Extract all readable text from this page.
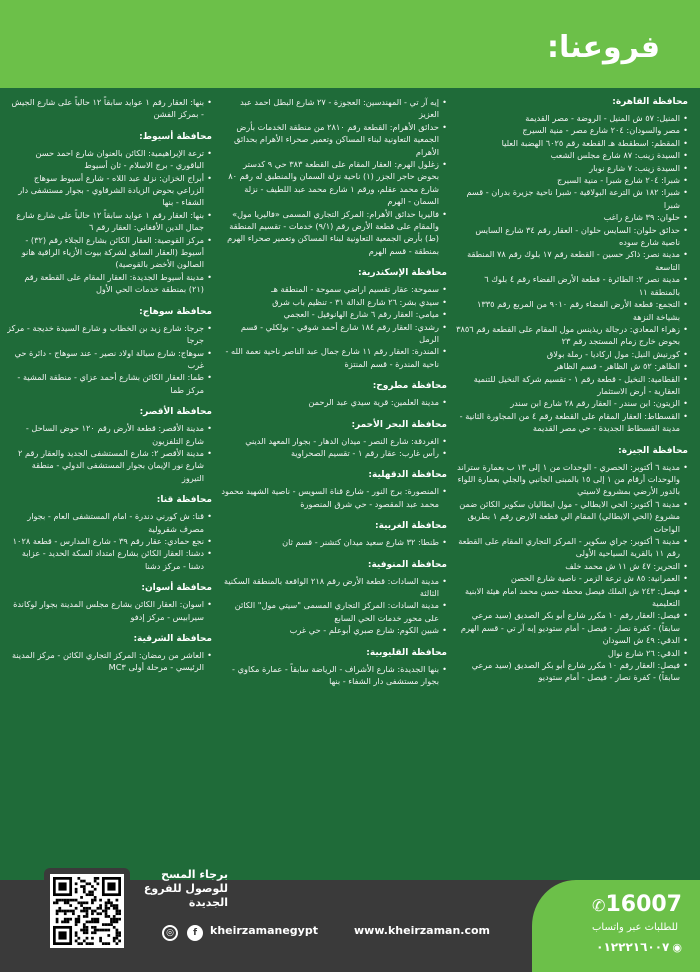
فروعنا:
محافظة القاهرة:
• المنيل: ٥٧ ش المنيل - الروضة - مصر القديمة
• مصر والسودان: ٢٠٤ شارع مصر - منية السيرج
• المقطم: اسطقطة هـ القطعة رقم ٦٠٢٥ الهضبة العليا
• السيدة زينب: ٨٧ شارع مجلس الشعب
• السيدة زينب: ٧ شارع نوبار
• شبرا: ٢٠٤ شارع شبرا - منية السيرج
• شبرا: ١٨٢ ش الترعة البولاقية - شبرا ناحية جزيرة بدران - قسم شبرا
• حلوان: ٣٩ شارع راغب
• حدائق حلوان: السايس حلوان - العقار رقم ٣٤ شارع السايس ناصية شارع سوده
• مدينة نصر: ذاكر حسين - القطعة رقم ١٧ بلوك رقم ٧٨ المنطقة التاسعة
• مدينة نصر ٢: الطائرة - قطعة الأرض الفضاء رقم ٤ بلوك ٦ بالمنطقة ١١
• التجمع: قطعة الأرض الفضاء رقم ٩٠١٠ من المربع رقم ١٣٣٥ بشياخة النزهة
• زهراء المعادي: درجالة ريذينس مول المقام على القطعة رقم ٣٨٥٦ بحوض خارج زمام المستجد رقم ٢٣
• كورنيش النيل: مول اركاديا - رملة بولاق
• الظاهر: ٥٢ ش الظاهر - قسم الظاهر
• القطامية: النخيل - قطعة رقم ١ - تقسيم شركة النخيل للتنمية العقارية - أرض الاستثمار
• الزيتون: ابن سندر - العقار رقم ٢٨ شارع ابن سندر
• القسطاط: العقار المقام على القطعة رقم ٤ من المجاورة الثانية - مدينة القسطاط الجديدة - حي مصر القديمة
محافظة الجيزة:
• مدينة ٦ أكتوبر: الحصري - الوحدات من ١ إلى ١٣ ب بعمارة ستراند والوحدات أرقام من ١ إلى ١٥ بالمبنى الجانبي والجلي بعمارة اللواء بالدور الأرضي بمشروع لاسيتي
• مدينة ٦ أكتوبر: الحي الايطالي - مول ايطاليان سكوير الكائن ضمن مشروع (الحي الايطالي) المقام الي قطعة الارض رقم ١ بطريق الواحات
• مدينة ٦ أكتوبر: جراي سكوير - المركز التجاري المقام على القطعة رقم ١١ بالقرية السياحية الأولى
• التحرير: ٤٧ ش ١١ ش محمد خلف
• العمرانية: ٨٥ ش ترعة الزمر - ناصية شارع الحصن
• فيصل: ٢٤٣ ش الملك فيصل محطة حسن محمد امام هيئة الابنية التعليمية
• فيصل: العقار رقم ١٠ مكرر شارع أبو بكر الصديق (سيد مرعي سابقاً) - كفرة نصار - فيصل - أمام ستوديو إبه آر تي - قسم الهرم
• الدقي: ٤٩ ش السودان
• الدقي: ٢٦ شارع نوال
• فيصل: العقار رقم ١٠ مكرر شارع أبو بكر الصديق (سيد مرعي سابقاً) - كفرة نصار - فيصل - أمام ستوديو
• إيه آر تي - المهندسين: العجوزة - ٢٧ شارع البطل احمد عبد العزيز
• حدائق الأهرام: القطعة رقم ٢٨١٠ من منطقة الخدمات بأرض الجمعية التعاونية لبناء المساكن وتعمير صحراء الأهرام بحدائق الأهرام
• زغلول الهرم: العقار المقام على القطعة ٣٨٣ حي ٩ كدستر بحوض حاجر الجزر (١) ناحية نزلة السمان والمنطبق له رقم ٨٠ شارع محمد عقلم، ورقم ١ شارع محمد عبد اللطيف - نزلة السمان - الهرم
• فاليريا حدائق الأهرام: المركز التجاري المسمى «فاليريا مول» والمقام على قطعة الأرض رقم (٩/١) خدمات - تقسيم المنطقة (ط) بأرض الجمعية التعاونية لبناء المساكن وتعمير صحراء الهرم بمنطقة - قسم الهرم
محافظة الإسكندرية:
• سموحة: عقار تقسيم اراضي سموحة - المنطقة هـ
• سيدي بشر: ٢٦ شارع الدالة ٣١ - تنظيم باب شرق
• ميامي: العقار رقم ٦ شارع الهانوفيل - العجمي
• رشدي: العقار رقم ١٨٤ شارع أحمد شوقي - بولكلي - قسم الرمل
• المندرة: العقار رقم ١١ شارع جمال عبد الناصر ناحية نعمة الله - ناحية المندرة - قسم المنتزة
محافظة مطروح:
• مدينة العلمين: قرية سيدي عبد الرحمن
محافظة البحر الأحمر:
• الغردقة: شارع النصر - ميدان الدهار - بجوار المعهد الديني
• رأس غارب: عقار رقم ١ - تقسيم الصحراوية
محافظة الدقهلية:
• المنصورة: برج النور - شارع قناة السويس - ناصية الشهيد محمود محمد عبد المقصود - حي شرق المنصورة
محافظة الغربية:
• طنطا: ٣٢ شارع سعيد ميدان كتشنر - قسم ثان
محافظة المنوفية:
• مدينة السادات: قطعة الأرض رقم ٢١٨ الواقعة بالمنطقة السكنية الثالثة
• مدينة السادات: المركز التجاري المسمى "سيتي مول" الكائن على محور خدمات الحي السابع
• شبين الكوم: شارع صبري أبوعلم - حي غرب
محافظة القليوبية:
• بنها الجديدة: شارع الأشراف - الرياضة سابقاً - عمارة مكاوي - بجوار مستشفى دار الشفاء - بنها
• بنها: العقار رقم ١ عوايد سابقاً ١٢ حالياً على شارع الجيش - بمركز الفشن
محافظة أسيوط:
• ترعة الإبراهيمية: الكائن بالعنوان شارع احمد حسن الباقوري - برج الاسلام - ثان أسيوط
• أبراج الخزان: نزلة عبد اللاه - شارع أسيوط سوهاج الزراعي بحوض الزيادة الشرقاوي - بجوار مستشفى دار الشفاء - بنها
• بنها: العقار رقم ١ عوايد سابقاً ١٢ حالياً على شارع شارع جمال الدين الأفغاني: العقار رقم ٦
• مركز القوصية: العقار الكائن بشارع الجلاء رقم (٣٢) - أسيوط (العقار السابق لشركة بيوت الأزياء الراقية هانو الصالون الأخضر بالقوصية)
• مدينة أسيوط الجديدة: العقار المقام على القطعة رقم (٢١) بمنطقة خدمات الحي الأول
محافظة سوهاج:
• جرجا: شارع زيد بن الخطاب و شارع السيدة خديجة - مركز جرجا
• سوهاج: شارع سيالة اولاد نصير - عند سوهاج - دائرة حي غرب
• طما: العقار الكائن بشارع أحمد عزاي - منطقة المشية - مركز طما
محافظة الأقصر:
• مدينة الأقصر: قطعة الأرض رقم ١٢٠ حوض الساحل - شارع التلفزيون
• مدينة الأقصر ٢: شارع المستشفى الجديد والعقار رقم ٢ شارع نور الإيمان بجوار المستشفى الدولي - منطقة التيروز
محافظة قنا:
• قنا: ش كورني دندرة - امام المستشفى العام - بجوار مصرف شقرولية
• نجع حمادي: عقار رقم ٣٩ - شارع المدارس - قطعة ١٠٢٨
• دشنا: العقار الكائن بشارع امتداد السكة الحديد - عزابة دشنا - مركز دشنا
محافظة أسوان:
• اسوان: العقار الكائن بشارع مجلس المدينة بجوار لوكاندة سيرابيس - مركز إدفو
محافظة الشرقية:
• العاشر من رمضان: المركز التجاري الكائن - مركز المدينة الرئيسي - مرحلة أولى MC٣
✆16007
للطلبات عبر واتساب
◉٠١٢٢٢١٦٠٠٧
www.kheirzaman.com
kheirzamanegypt
◎ f
برجاء المسح للوصول للفروع الجديدة
